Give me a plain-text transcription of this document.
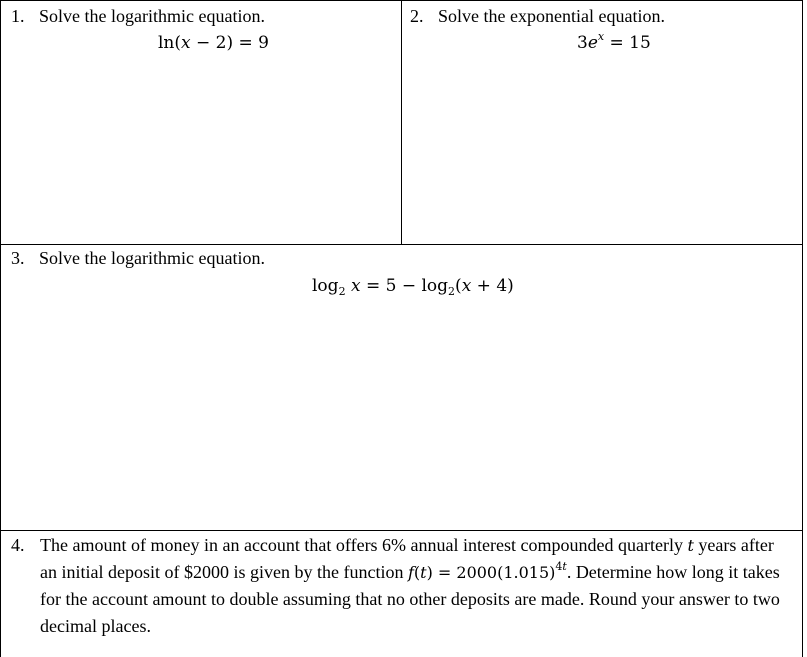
1. Solve the logarithmic equation.
ln(x − 2) = 9
2. Solve the exponential equation.
$3e^x = 15$
3. Solve the logarithmic equation.
$\log_2 x = 5 - \log_2(x + 4)$
4. The amount of money in an account that offers 6% annual interest compounded quarterly t years after an initial deposit of $2000 is given by the function $f(t) = 2000(1.015)^{4t}$. Determine how long it takes for the account amount to double assuming that no other deposits are made. Round your answer to two decimal places.
